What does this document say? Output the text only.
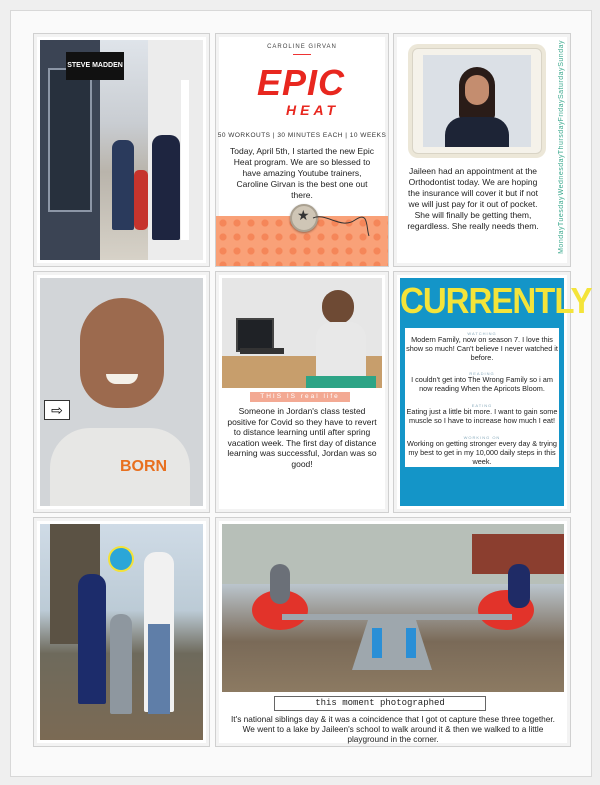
STEVE MADDEN
CAROLINE GIRVAN
EPIC
HEAT
50 WORKOUTS | 30 MINUTES EACH | 10 WEEKS
Today, April 5th, I started the new Epic Heat program. We are so blessed to have amazing Youtube trainers, Caroline Girvan is the best one out there.
★
Jaileen had an appointment at the Orthodontist today. We are hoping the insurance will cover it but if not we will just pay for it out of pocket. She will finally be getting them, regardless. She really needs them.
Sunday
Saturday
Friday
Thursday
Wednesday
Tuesday
Monday
BORN
⇨
THIS IS real life
Someone in Jordan's class tested positive for Covid so they have to revert to distance learning until after spring vacation week. The first day of distance learning was successful, Jordan was so good!
CURRENTLY
WATCHING
Modern Family, now on season 7. I love this show so much! Can't believe I never watched it before.
READING
I couldn't get into The Wrong Family so i am now reading When the Apricots Bloom.
EATING
Eating just a little bit more. I want to gain some muscle so I have to increase how much I eat!
WORKING ON
Working on getting stronger every day & trying my best to get in my 10,000 daily steps in this week.
this moment photographed
It's national siblings day & it was a coincidence that I got ot capture these three together. We went to a lake by Jaileen's school to walk around it & then we walked to a little playground in the corner.
